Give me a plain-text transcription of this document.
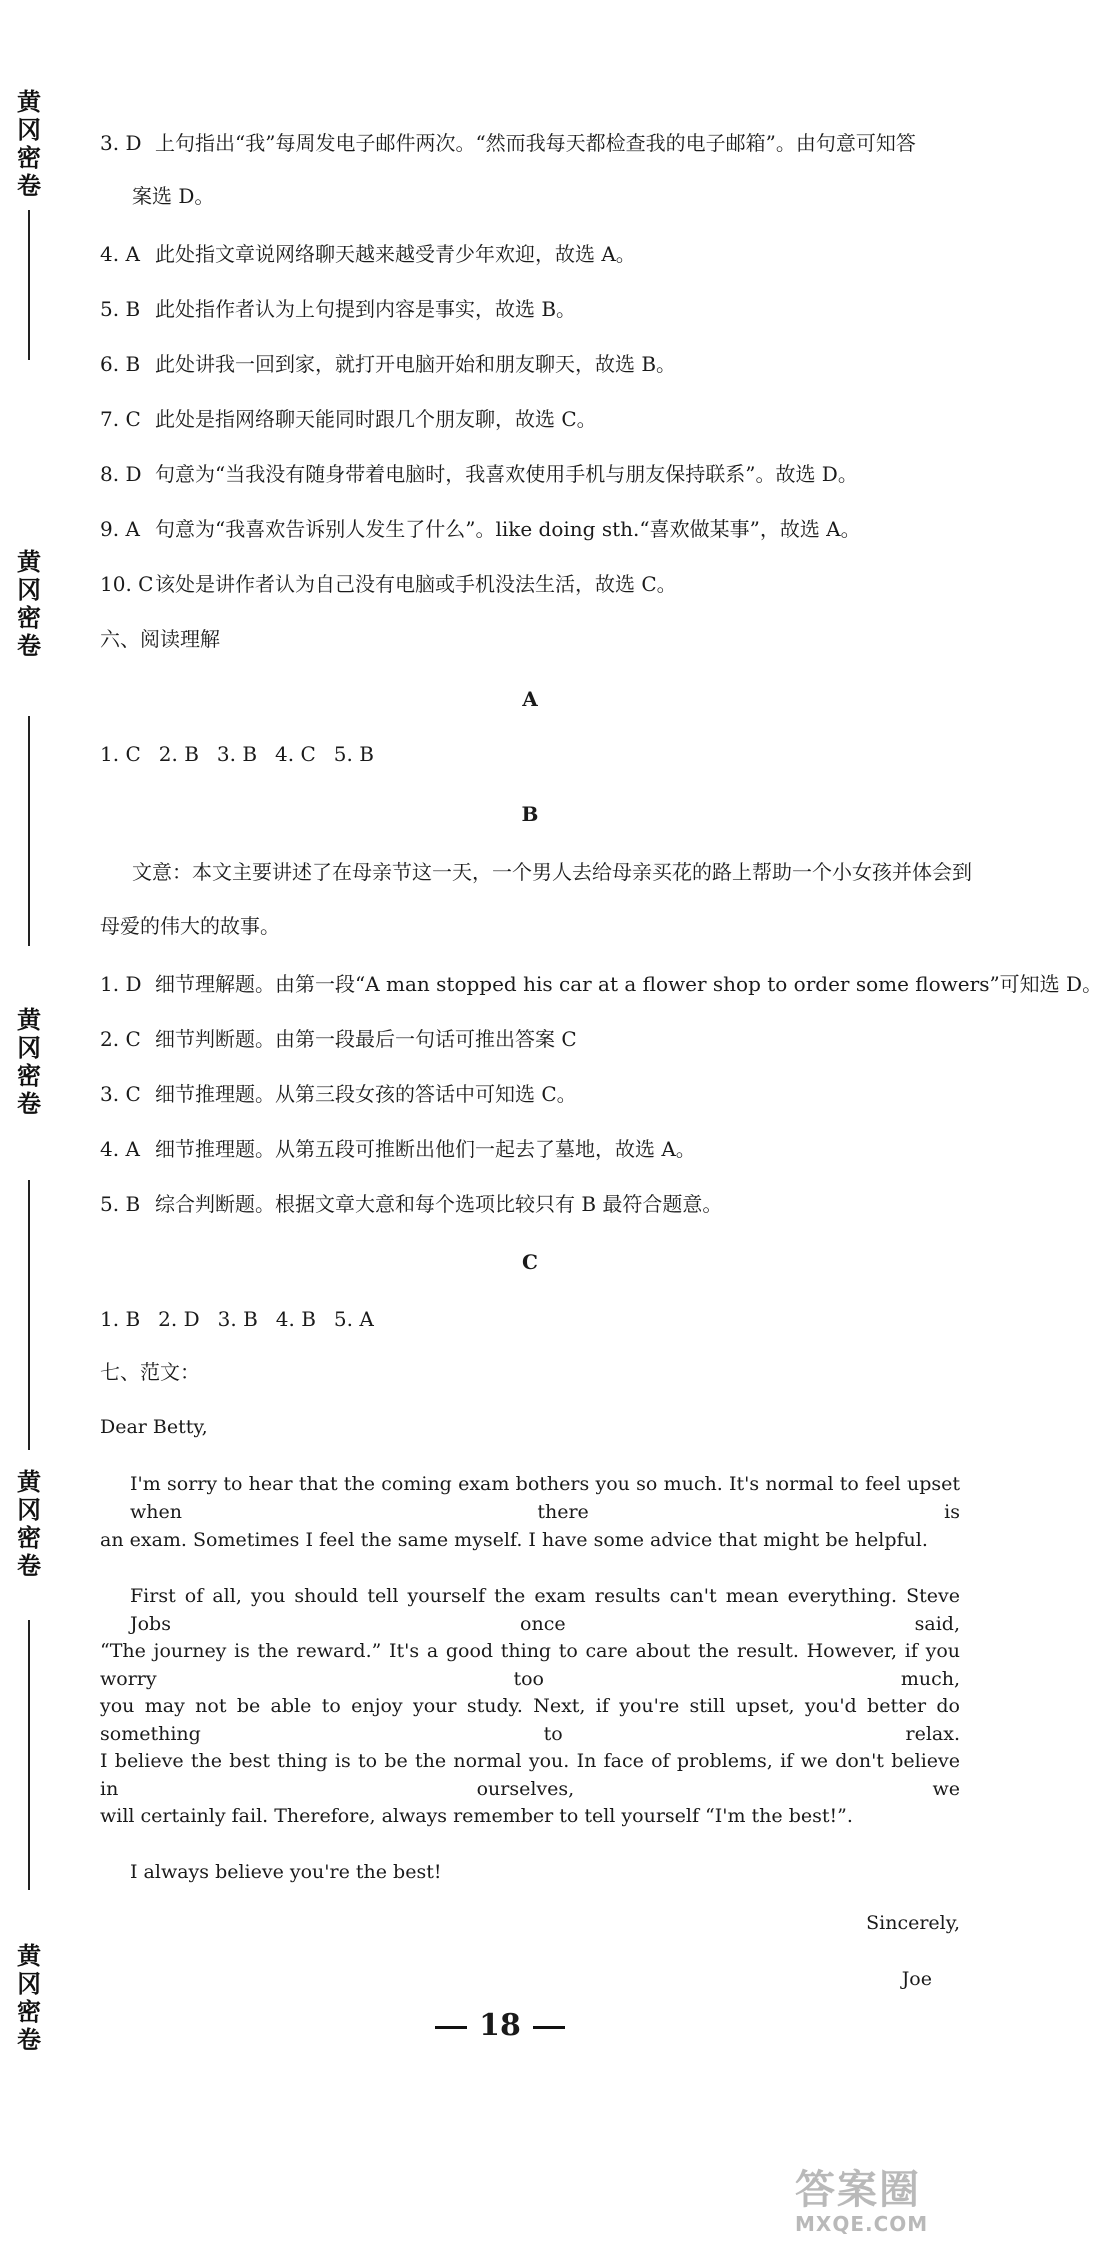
黄
冈
密
卷
黄
冈
密
卷
黄
冈
密
卷
黄
冈
密
卷
黄
冈
密
卷
3. D 上句指出“我”每周发电子邮件两次。“然而我每天都检查我的电子邮箱”。由句意可知答
案选 D。
4. A 此处指文章说网络聊天越来越受青少年欢迎，故选 A。
5. B 此处指作者认为上句提到内容是事实，故选 B。
6. B 此处讲我一回到家，就打开电脑开始和朋友聊天，故选 B。
7. C 此处是指网络聊天能同时跟几个朋友聊，故选 C。
8. D 句意为“当我没有随身带着电脑时，我喜欢使用手机与朋友保持联系”。故选 D。
9. A 句意为“我喜欢告诉别人发生了什么”。like doing sth.“喜欢做某事”，故选 A。
10. C该处是讲作者认为自己没有电脑或手机没法生活，故选 C。
六、阅读理解
A
1. C 2. B 3. B 4. C 5. B
B
文意：本文主要讲述了在母亲节这一天，一个男人去给母亲买花的路上帮助一个小女孩并体会到
母爱的伟大的故事。
1. D 细节理解题。由第一段“A man stopped his car at a flower shop to order some flowers”可知选 D。
2. C 细节判断题。由第一段最后一句话可推出答案 C
3. C 细节推理题。从第三段女孩的答话中可知选 C。
4. A 细节推理题。从第五段可推断出他们一起去了墓地，故选 A。
5. B 综合判断题。根据文章大意和每个选项比较只有 B 最符合题意。
C
1. B 2. D 3. B 4. B 5. A
七、范文：
Dear Betty,
I'm sorry to hear that the coming exam bothers you so much. It's normal to feel upset when there is
an exam. Sometimes I feel the same myself. I have some advice that might be helpful.
First of all, you should tell yourself the exam results can't mean everything. Steve Jobs once said,
“The journey is the reward.” It's a good thing to care about the result. However, if you worry too much,
you may not be able to enjoy your study. Next, if you're still upset, you'd better do something to relax.
I believe the best thing is to be the normal you. In face of problems, if we don't believe in ourselves, we
will certainly fail. Therefore, always remember to tell yourself “I'm the best!”.
I always believe you're the best!
Sincerely,
Joe
18
答案圈
MXQE.COM
